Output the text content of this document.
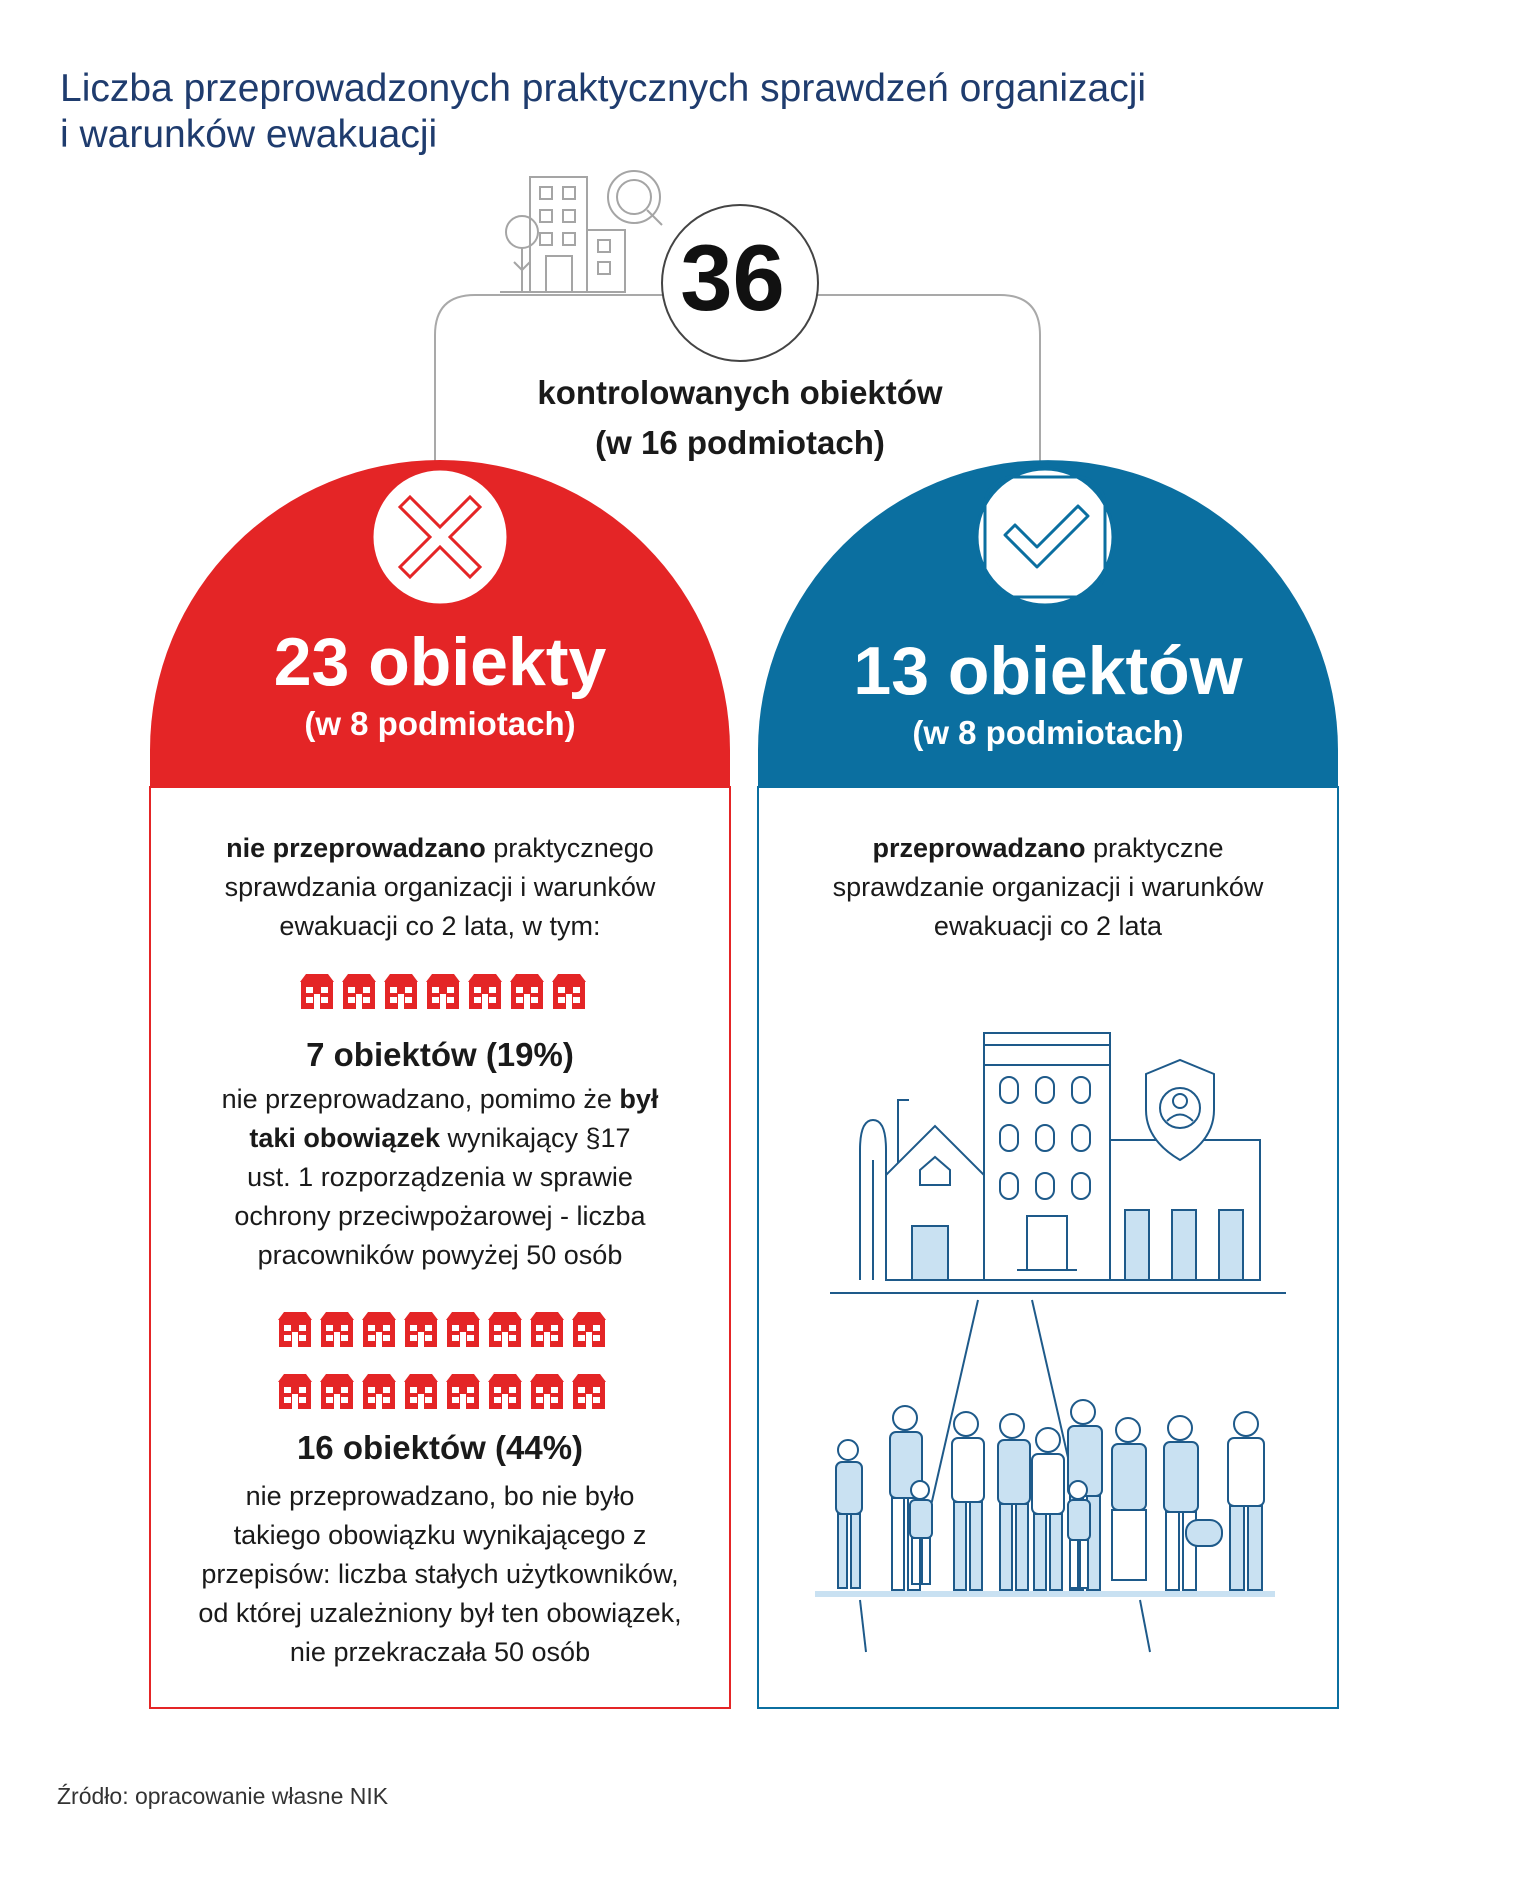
Liczba przeprowadzonych praktycznych sprawdzeń organizacji
i warunków ewakuacji
36
kontrolowanych obiektów
(w 16 podmiotach)
23 obiekty
(w 8 podmiotach)
13 obiektów
(w 8 podmiotach)
nie przeprowadzano praktycznego
sprawdzania organizacji i warunków
ewakuacji co 2 lata, w tym:
7 obiektów (19%)
nie przeprowadzano, pomimo że był
taki obowiązek wynikający §17
ust. 1 rozporządzenia w sprawie
ochrony przeciwpożarowej - liczba
pracowników powyżej 50 osób
16 obiektów (44%)
nie przeprowadzano, bo nie było
takiego obowiązku wynikającego z
przepisów: liczba stałych użytkowników,
od której uzależniony był ten obowiązek,
nie przekraczała 50 osób
przeprowadzano praktyczne
sprawdzanie organizacji i warunków
ewakuacji co 2 lata
Źródło: opracowanie własne NIK
